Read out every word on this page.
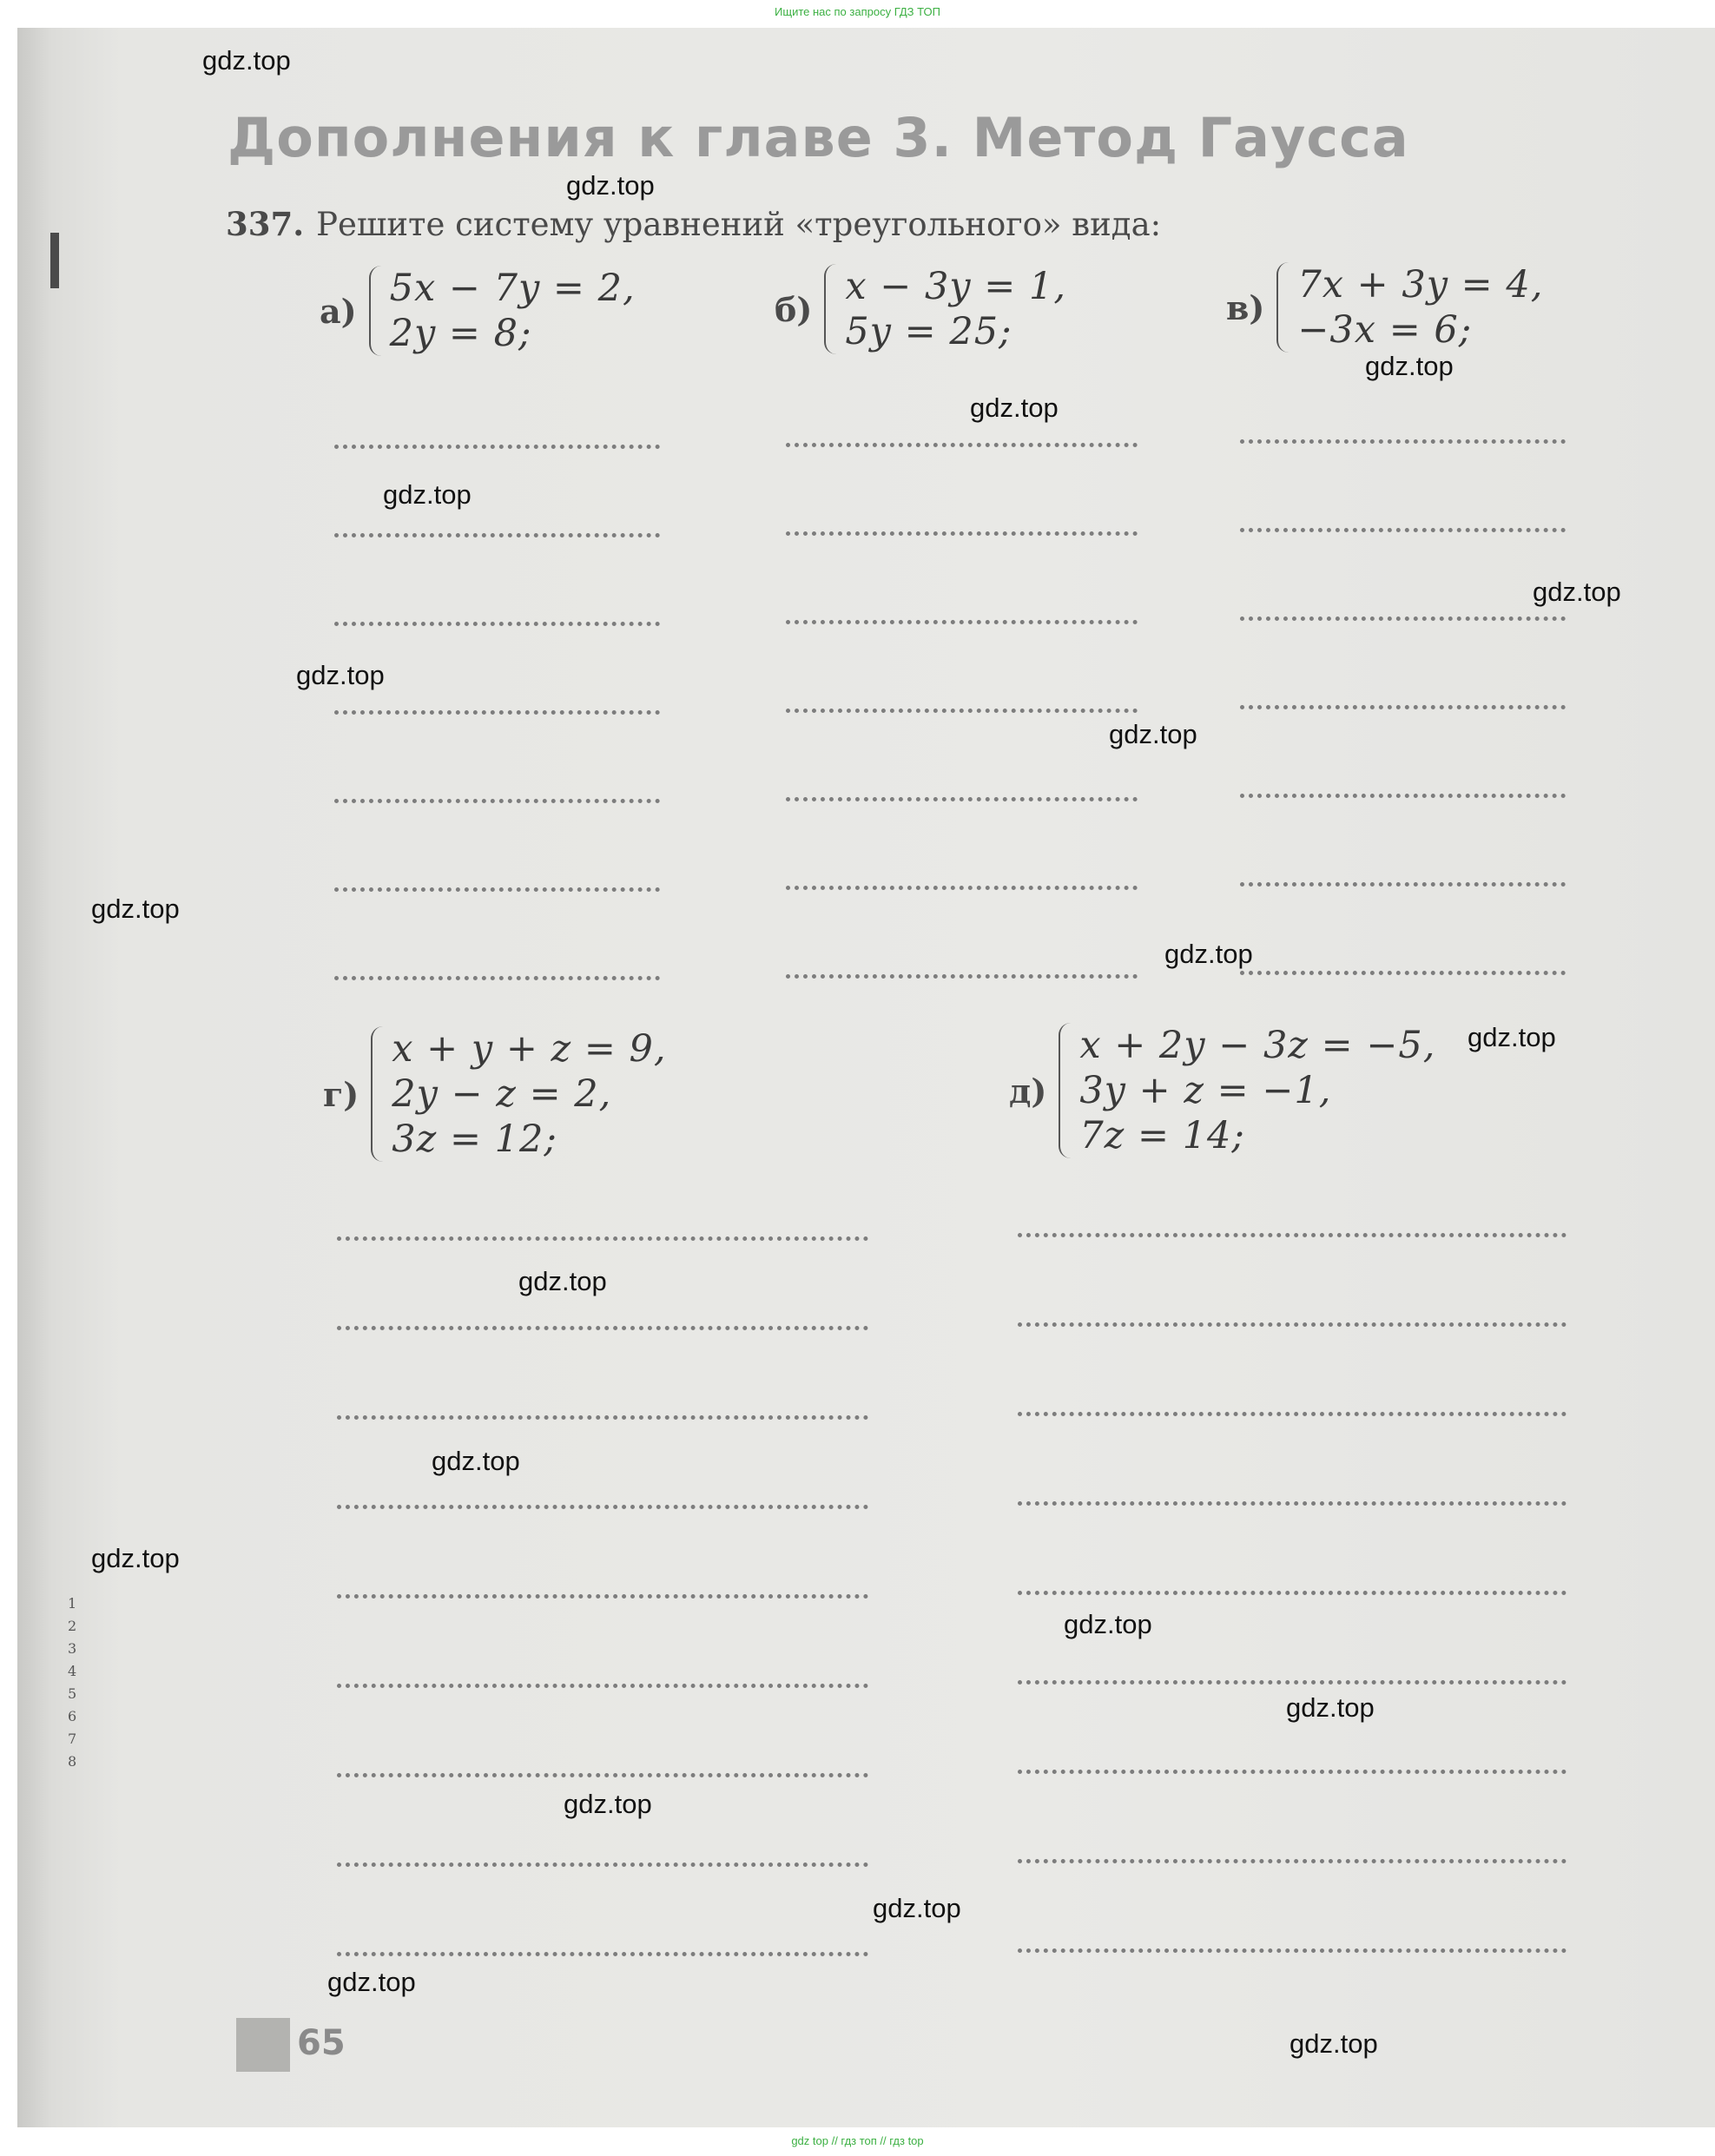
Ищите нас по запросу ГДЗ ТОП
Дополнения к главе 3. Метод Гаусса
337. Решите систему уравнений «треугольного» вида:
а)
5x − 7y = 2,
2y = 8;
б)
x − 3y = 1,
5y = 25;
в)
7x + 3y = 4,
−3x = 6;
г)
x + y + z = 9,
2y − z = 2,
3z = 12;
д)
x + 2y − 3z = −5,
3y + z = −1,
7z = 14;
1
2
3
4
5
6
7
8
65
gdz.top
gdz.top
gdz.top
gdz.top
gdz.top
gdz.top
gdz.top
gdz.top
gdz.top
gdz.top
gdz.top
gdz.top
gdz.top
gdz.top
gdz.top
gdz.top
gdz.top
gdz.top
gdz.top
gdz.top
gdz top // гдз топ // гдз top
